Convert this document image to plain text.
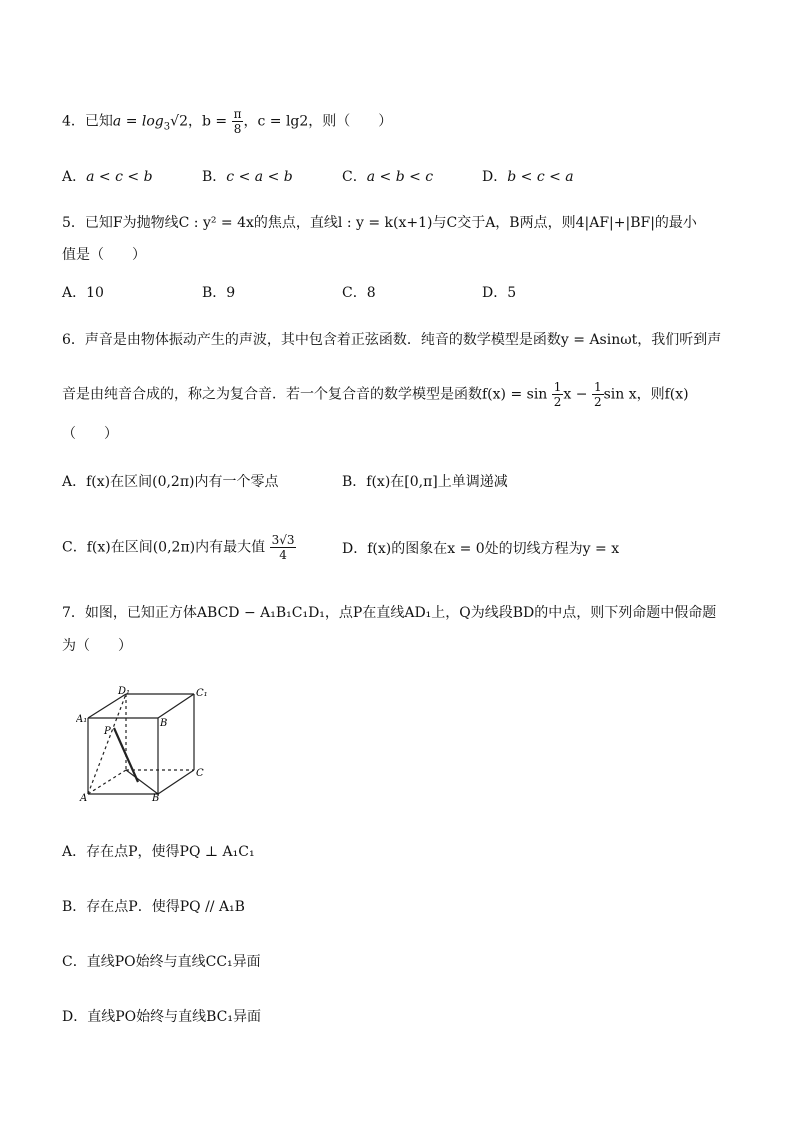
4．已知$a = \log_3√2$，$b = \frac{\pi}{8}$ ，c = lg2，则（　　）
A．a < c < b	B．c < a < b	C．a < b < c	D．b < c < a
5．已知F为抛物线C : y² = 4x的焦点，直线l : y = k(x+1)与C交于A，B两点，则4|AF|+|BF|的最小
值是（　　）
A．10	B．9	C．8	D．5
6．声音是由物体振动产生的声波，其中包含着正弦函数．纯音的数学模型是函数y = Asinωt，我们听到声
音是由纯音合成的，称之为复合音．若一个复合音的数学模型是函数$f(x) = \sin \frac{1}{2}$ $x - \frac{1}{2}$ sin x，则f(x)
（　　）
A．f(x)在区间(0,2π)内有一个零点	B．f(x)在[0,π]上单调递减
C．f(x)在区间(0,2π)内有最大值 $\frac{3√3}{4}$	D．f(x)的图象在x = 0处的切线方程为y = x
7．如图，已知正方体ABCD − A₁B₁C₁D₁，点P在直线AD₁上，Q为线段BD的中点，则下列命题中假命题
为（　　）
D₁	C₁
A₁	B
P
C
A	B
A．存在点P，使得PQ ⊥ A₁C₁
B．存在点P．使得PQ // A₁B
C．直线PO始终与直线CC₁异面
D．直线PO始终与直线BC₁异面
